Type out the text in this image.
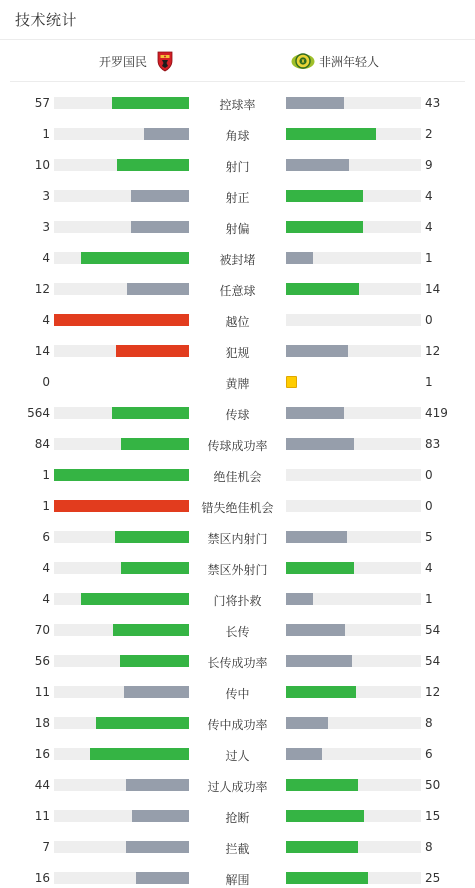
技术统计
开罗国民	非洲年轻人
57	控球率	43
1	角球	2
10	射门	9
3	射正	4
3	射偏	4
4	被封堵	1
12	任意球	14
4	越位	0
14	犯规	12
0	黄牌	1
564	传球	419
84	传球成功率	83
1	绝佳机会	0
1	错失绝佳机会	0
6	禁区内射门	5
4	禁区外射门	4
4	门将扑救	1
70	长传	54
56	长传成功率	54
11	传中	12
18	传中成功率	8
16	过人	6
44	过人成功率	50
11	抢断	15
7	拦截	8
16	解围	25
